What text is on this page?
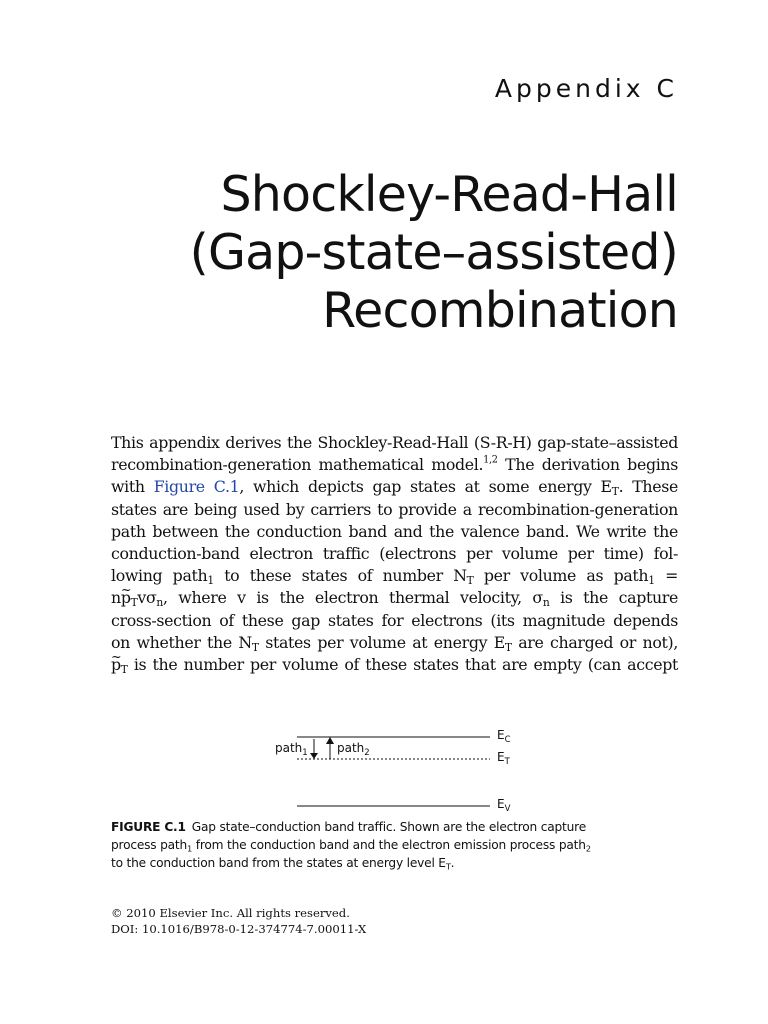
Appendix C
Shockley-Read-Hall
(Gap-state–assisted)
Recombination
This appendix derives the Shockley-Read-Hall (S-R-H) gap-state–assisted
recombination-generation mathematical model.$^{1,2}$ The derivation begins
with Figure C.1, which depicts gap states at some energy $E_T$. These
states are being used by carriers to provide a recombination-generation
path between the conduction band and the valence band. We write the
conduction-band electron traffic (electrons per volume per time) fol-
lowing path$_1$ to these states of number $N_T$ per volume as path$_1$ =
np $\sim_Tv\sigma_n$, where v is the electron thermal velocity, $\sigma_n$ is the capture
cross-section of these gap states for electrons (its magnitude depends
on whether the $N_T$ states per volume at energy $E_T$ are charged or not),
p $\sim_T$ is the number per volume of these states that are empty (can accept
path$_1$ path$_2$
$E_C$
$E_T$
$E_V$
FIGURE C.1 Gap state–conduction band traffic. Shown are the electron capture
process path$_1$ from the conduction band and the electron emission process path$_2$
to the conduction band from the states at energy level $E_T$.
© 2010 Elsevier Inc. All rights reserved.
DOI: 10.1016/B978-0-12-374774-7.00011-X
